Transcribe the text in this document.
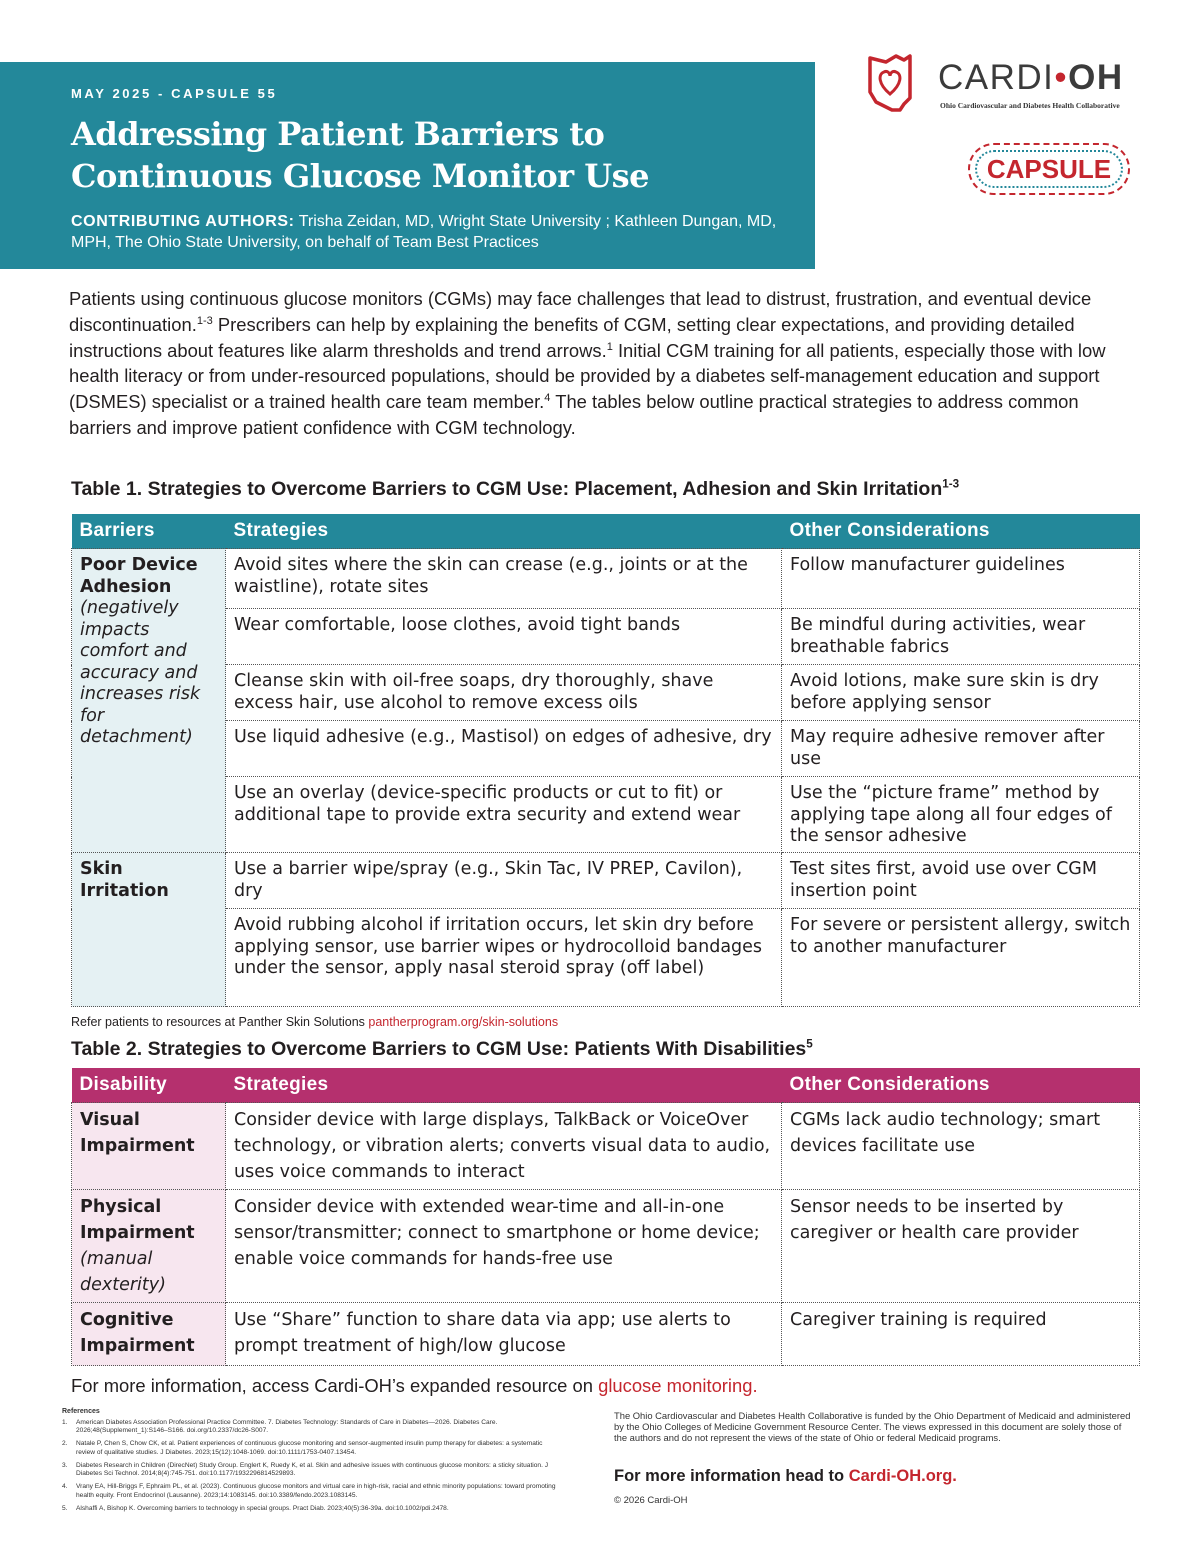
MAY 2025 - CAPSULE 55
Addressing Patient Barriers to
Continuous Glucose Monitor Use
CONTRIBUTING AUTHORS: Trisha Zeidan, MD, Wright State University ; Kathleen Dungan, MD, MPH, The Ohio State University, on behalf of Team Best Practices
CARDI•OH
Ohio Cardiovascular and Diabetes Health Collaborative
CAPSULE
Patients using continuous glucose monitors (CGMs) may face challenges that lead to distrust, frustration, and eventual device discontinuation.$^{1-3}$ Prescribers can help by explaining the benefits of CGM, setting clear expectations, and providing detailed instructions about features like alarm thresholds and trend arrows.$^1$ Initial CGM training for all patients, especially those with low health literacy or from under-resourced populations, should be provided by a diabetes self-management education and support (DSMES) specialist or a trained health care team member.$^4$ The tables below outline practical strategies to address common barriers and improve patient confidence with CGM technology.
Table 1. Strategies to Overcome Barriers to CGM Use: Placement, Adhesion and Skin Irritation$^{1-3}$
Barriers	Strategies	Other Considerations
Poor Device Adhesion
(negatively impacts comfort and accuracy and increases risk for detachment)	Avoid sites where the skin can crease (e.g., joints or at the waistline), rotate sites	Follow manufacturer guidelines
	Wear comfortable, loose clothes, avoid tight bands	Be mindful during activities, wear breathable fabrics
	Cleanse skin with oil-free soaps, dry thoroughly, shave excess hair, use alcohol to remove excess oils	Avoid lotions, make sure skin is dry before applying sensor
	Use liquid adhesive (e.g., Mastisol) on edges of adhesive, dry	May require adhesive remover after use
	Use an overlay (device-specific products or cut to fit) or additional tape to provide extra security and extend wear	Use the “picture frame” method by applying tape along all four edges of the sensor adhesive
Skin Irritation	Use a barrier wipe/spray (e.g., Skin Tac, IV PREP, Cavilon), dry	Test sites first, avoid use over CGM insertion point
	Avoid rubbing alcohol if irritation occurs, let skin dry before applying sensor, use barrier wipes or hydrocolloid bandages under the sensor, apply nasal steroid spray (off label)	For severe or persistent allergy, switch to another manufacturer
Refer patients to resources at Panther Skin Solutions pantherprogram.org/skin-solutions
Table 2. Strategies to Overcome Barriers to CGM Use: Patients With Disabilities$^5$
Disability	Strategies	Other Considerations
Visual Impairment	Consider device with large displays, TalkBack or VoiceOver technology, or vibration alerts; converts visual data to audio, uses voice commands to interact	CGMs lack audio technology; smart devices facilitate use
Physical Impairment
(manual dexterity)	Consider device with extended wear-time and all-in-one sensor/transmitter; connect to smartphone or home device; enable voice commands for hands-free use	Sensor needs to be inserted by caregiver or health care provider
Cognitive Impairment	Use “Share” function to share data via app; use alerts to prompt treatment of high/low glucose	Caregiver training is required
For more information, access Cardi-OH’s expanded resource on glucose monitoring.
References
1.	American Diabetes Association Professional Practice Committee. 7. Diabetes Technology: Standards of Care in Diabetes—2026. Diabetes Care. 2026;48(Supplement_1):S146–S166. doi.org/10.2337/dc26-S007.
2.	Natale P, Chen S, Chow CK, et al. Patient experiences of continuous glucose monitoring and sensor-augmented insulin pump therapy for diabetes: a systematic review of qualitative studies. J Diabetes. 2023;15(12):1048-1069. doi:10.1111/1753-0407.13454.
3.	Diabetes Research in Children (DirecNet) Study Group. Englert K, Ruedy K, et al. Skin and adhesive issues with continuous glucose monitors: a sticky situation. J Diabetes Sci Technol. 2014;8(4):745-751. doi:10.1177/1932296814529893.
4.	Vrany EA, Hill-Briggs F, Ephraim PL, et al. (2023). Continuous glucose monitors and virtual care in high-risk, racial and ethnic minority populations: toward promoting health equity. Front Endocrinol (Lausanne). 2023;14:1083145. doi:10.3389/fendo.2023.1083145.
5.	Alshaffi A, Bishop K. Overcoming barriers to technology in special groups. Pract Diab. 2023;40(5):36-39a. doi:10.1002/pdi.2478.
The Ohio Cardiovascular and Diabetes Health Collaborative is funded by the Ohio Department of Medicaid and administered by the Ohio Colleges of Medicine Government Resource Center. The views expressed in this document are solely those of the authors and do not represent the views of the state of Ohio or federal Medicaid programs.
For more information head to Cardi-OH.org.
© 2026 Cardi-OH
